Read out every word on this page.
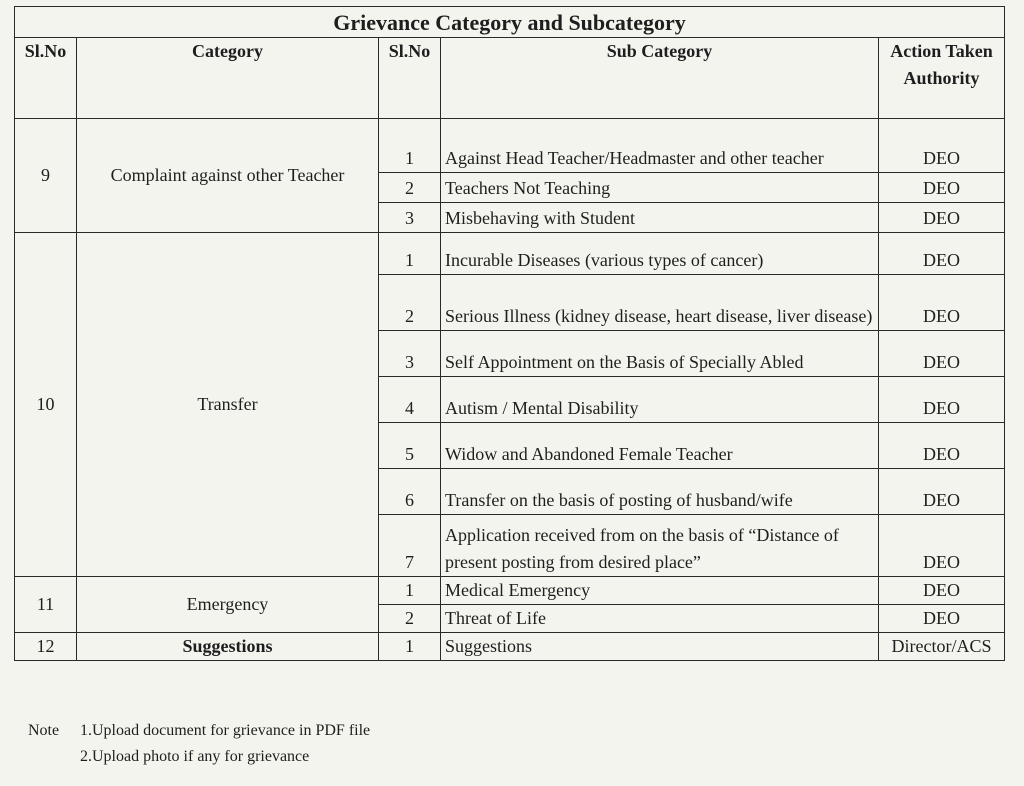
Grievance Category and Subcategory				
Sl.No	Category	Sl.No	Sub Category	Action Taken Authority
9	Complaint against other Teacher	1	Against Head Teacher/Headmaster and other teacher	DEO
		2	Teachers Not Teaching	DEO
		3	Misbehaving with Student	DEO
10	Transfer	1	Incurable Diseases (various types of cancer)	DEO
		2	Serious Illness (kidney disease, heart disease, liver disease)	DEO
		3	Self Appointment on the Basis of Specially Abled	DEO
		4	Autism / Mental Disability	DEO
		5	Widow and Abandoned Female Teacher	DEO
		6	Transfer on the basis of posting of husband/wife	DEO
		7	Application received from on the basis of “Distance of present posting from desired place”	DEO
11	Emergency	1	Medical Emergency	DEO
		2	Threat of Life	DEO
12	Suggestions	1	Suggestions	Director/ACS
Note 1.Upload document for grievance in PDF file
2.Upload photo if any for grievance
